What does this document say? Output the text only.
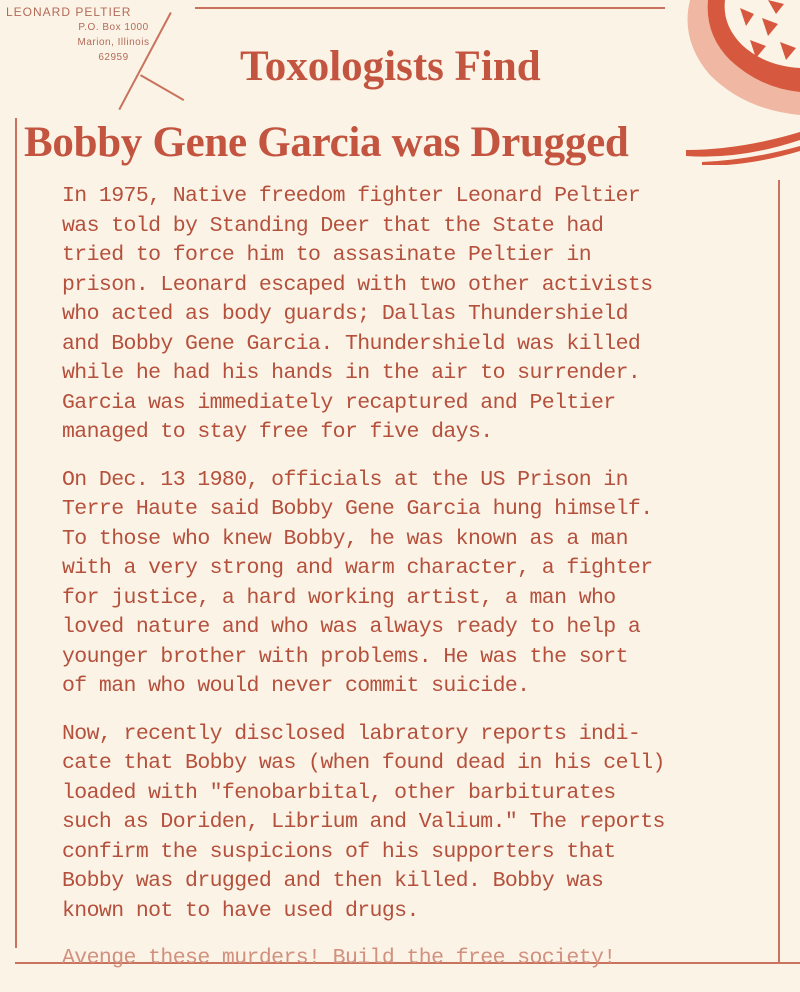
LEONARD PELTIER
P.O. Box 1000
Marion, Illinois
62959	Toxologists Find
Bobby Gene Garcia was Drugged
In 1975, Native freedom fighter Leonard Peltier
was told by Standing Deer that the State had
tried to force him to assasinate Peltier in
prison. Leonard escaped with two other activists
who acted as body guards; Dallas Thundershield
and Bobby Gene Garcia. Thundershield was killed
while he had his hands in the air to surrender.
Garcia was immediately recaptured and Peltier
managed to stay free for five days.
On Dec. 13 1980, officials at the US Prison in
Terre Haute said Bobby Gene Garcia hung himself.
To those who knew Bobby, he was known as a man
with a very strong and warm character, a fighter
for justice, a hard working artist, a man who
loved nature and who was always ready to help a
younger brother with problems. He was the sort
of man who would never commit suicide.
Now, recently disclosed labratory reports indi-
cate that Bobby was (when found dead in his cell)
loaded with "fenobarbital, other barbiturates
such as Doriden, Librium and Valium." The reports
confirm the suspicions of his supporters that
Bobby was drugged and then killed. Bobby was
known not to have used drugs.
Avenge these murders! Build the free society!
